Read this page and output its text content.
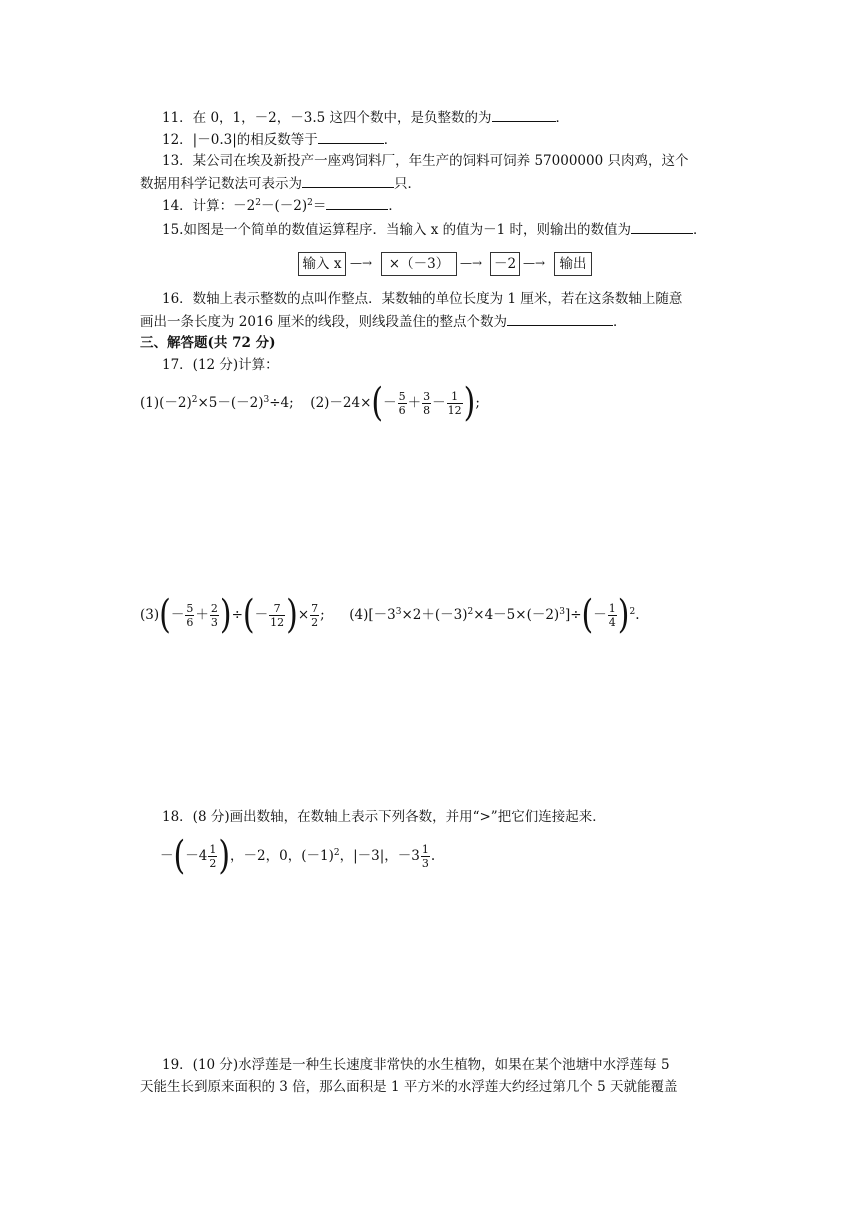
11．在 0，1，－2，－3.5 这四个数中，是负整数的为	．
12．|－0.3|的相反数等于	．
13．某公司在埃及新投产一座鸡饲料厂，年生产的饲料可饲养 57000000 只肉鸡，这个
数据用科学记数法可表示为	只．
14．计算：$-2^2-(-2)^2=$	．
15.如图是一个简单的数值运算程序．当输入 x 的值为－1 时，则输出的数值为	．
输入 x —→	×（－3） —→ －2 —→	输出
16．数轴上表示整数的点叫作整点．某数轴的单位长度为 1 厘米，若在这条数轴上随意
画出一条长度为 2016 厘米的线段，则线段盖住的整点个数为	．
三、解答题(共 72 分)
17．(12 分)计算：
$(1)(-2)^2\times 5-(-2)^3\div 4$; $(2)-24\times(- \frac{5}{6} + \frac{3}{8} - \frac{1}{12}$ );
$(3)(- \frac{5}{6} + \frac{2}{3}$ )÷(－ $\frac{7}{12}$ )× $\frac{7}{2}$ ; $(4)[-3^3\times 2+(-3)^2\times 4-5\times(-2)^3]\div(- \frac{1}{4} )^2$.
18．(8 分)画出数轴，在数轴上表示下列各数，并用“>”把它们连接起来．
$-(-4 \frac{1}{2}$ )，－2，0，$(-1)^2$，|－3|，$-3 \frac{1}{3}$ .
19．(10 分)水浮莲是一种生长速度非常快的水生植物，如果在某个池塘中水浮莲每 5
天能生长到原来面积的 3 倍，那么面积是 1 平方米的水浮莲大约经过第几个 5 天就能覆盖
